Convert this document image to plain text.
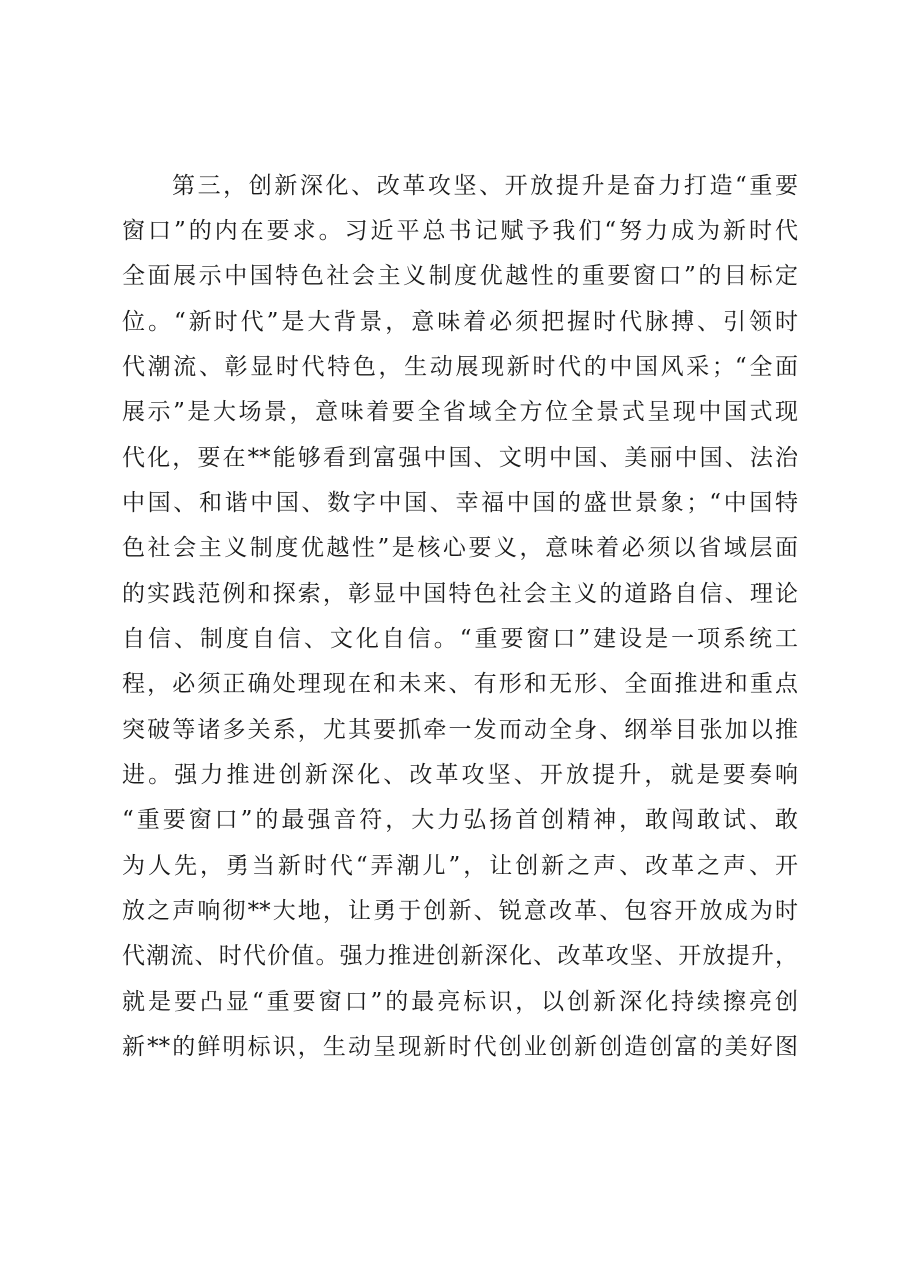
第三，创新深化、改革攻坚、开放提升是奋力打造“重要
窗口”的内在要求。习近平总书记赋予我们“努力成为新时代
全面展示中国特色社会主义制度优越性的重要窗口”的目标定
位。“新时代”是大背景，意味着必须把握时代脉搏、引领时
代潮流、彰显时代特色，生动展现新时代的中国风采；“全面
展示”是大场景，意味着要全省域全方位全景式呈现中国式现
代化，要在**能够看到富强中国、文明中国、美丽中国、法治
中国、和谐中国、数字中国、幸福中国的盛世景象；“中国特
色社会主义制度优越性”是核心要义，意味着必须以省域层面
的实践范例和探索，彰显中国特色社会主义的道路自信、理论
自信、制度自信、文化自信。“重要窗口”建设是一项系统工
程，必须正确处理现在和未来、有形和无形、全面推进和重点
突破等诸多关系，尤其要抓牵一发而动全身、纲举目张加以推
进。强力推进创新深化、改革攻坚、开放提升，就是要奏响
“重要窗口”的最强音符，大力弘扬首创精神，敢闯敢试、敢
为人先，勇当新时代“弄潮儿”，让创新之声、改革之声、开
放之声响彻**大地，让勇于创新、锐意改革、包容开放成为时
代潮流、时代价值。强力推进创新深化、改革攻坚、开放提升，
就是要凸显“重要窗口”的最亮标识，以创新深化持续擦亮创
新**的鲜明标识，生动呈现新时代创业创新创造创富的美好图
